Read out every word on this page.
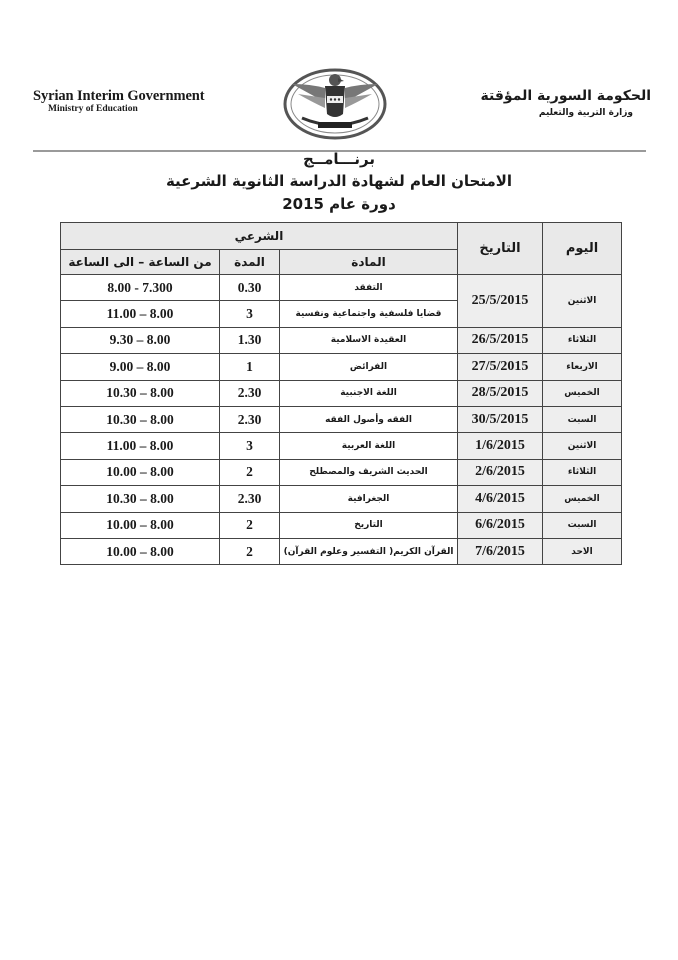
Syrian Interim Government
Ministry of Education
الحكومة السورية المؤقتة
وزارة التربية والتعليم
برنـــامــج
الامتحان العام لشهادة الدراسة الثانوية الشرعية
دورة عام 2015
اليوم	التاريخ	الشرعي		
		المادة	المدة	من الساعة – الى الساعة
الاثنين	25/5/2015	التفقد	0.30	8.00 - 7.300
		قضايا فلسفية واجتماعية ونفسية	3	11.00 – 8.00
الثلاثاء	26/5/2015	العقيدة الاسلامية	1.30	9.30 – 8.00
الاربعاء	27/5/2015	الفرائض	1	9.00 – 8.00
الخميس	28/5/2015	اللغة الاجنبية	2.30	10.30 – 8.00
السبت	30/5/2015	الفقه وأصول الفقه	2.30	10.30 – 8.00
الاثنين	1/6/2015	اللغة العربية	3	11.00 – 8.00
الثلاثاء	2/6/2015	الحديث الشريف والمصطلح	2	10.00 – 8.00
الخميس	4/6/2015	الجغرافية	2.30	10.30 – 8.00
السبت	6/6/2015	التاريخ	2	10.00 – 8.00
الاحد	7/6/2015	القرآن الكريم( التفسير وعلوم القرآن)	2	10.00 – 8.00
